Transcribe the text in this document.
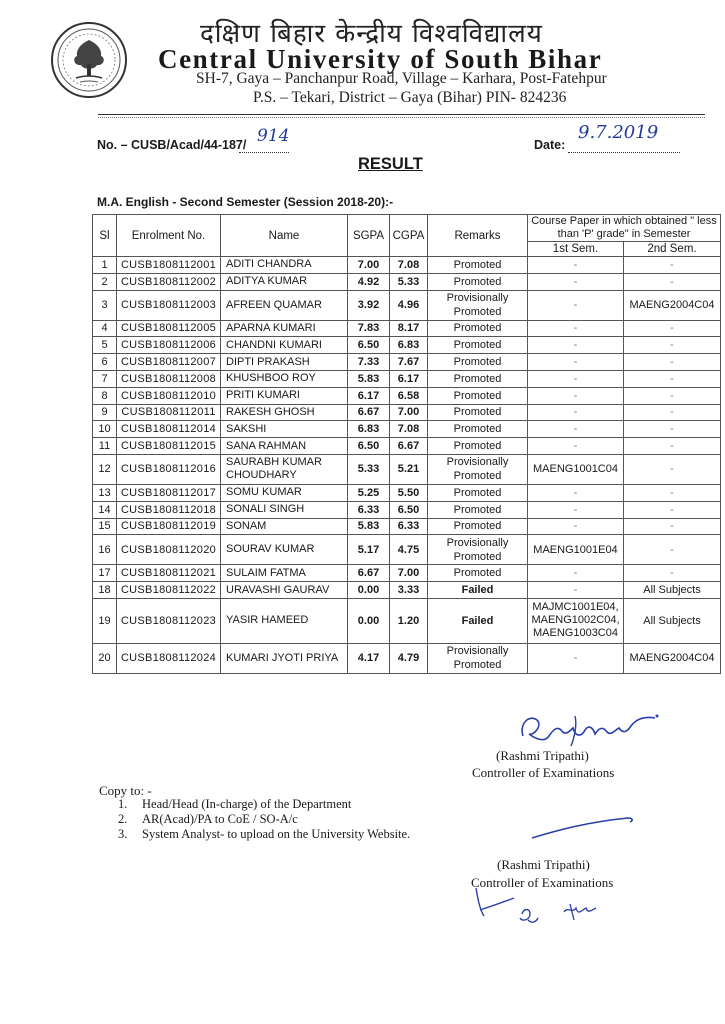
दक्षिण बिहार केन्द्रीय विश्वविद्यालय
Central University of South Bihar
SH-7, Gaya – Panchanpur Road, Village – Karhara, Post-Fatehpur
P.S. – Tekari, District – Gaya (Bihar) PIN- 824236
No. – CUSB/Acad/44-187/ 914	Date:
9.7.2019
RESULT
M.A. English - Second Semester (Session 2018-20):-
Sl	Enrolment No.	Name	SGPA	CGPA	Remarks	Course Paper in which obtained " less than 'P' grade" in Semester	
						1st Sem.	2nd Sem.
1	CUSB1808112001	ADITI CHANDRA	7.00	7.08	Promoted	-	-
2	CUSB1808112002	ADITYA KUMAR	4.92	5.33	Promoted	-	-
3	CUSB1808112003	AFREEN QUAMAR	3.92	4.96	Provisionally Promoted	-	MAENG2004C04
4	CUSB1808112005	APARNA KUMARI	7.83	8.17	Promoted	-	-
5	CUSB1808112006	CHANDNI KUMARI	6.50	6.83	Promoted	-	-
6	CUSB1808112007	DIPTI PRAKASH	7.33	7.67	Promoted	-	-
7	CUSB1808112008	KHUSHBOO ROY	5.83	6.17	Promoted	-	-
8	CUSB1808112010	PRITI KUMARI	6.17	6.58	Promoted	-	-
9	CUSB1808112011	RAKESH GHOSH	6.67	7.00	Promoted	-	-
10	CUSB1808112014	SAKSHI	6.83	7.08	Promoted	-	-
11	CUSB1808112015	SANA RAHMAN	6.50	6.67	Promoted	-	-
12	CUSB1808112016	SAURABH KUMAR CHOUDHARY	5.33	5.21	Provisionally Promoted	MAENG1001C04	-
13	CUSB1808112017	SOMU KUMAR	5.25	5.50	Promoted	-	-
14	CUSB1808112018	SONALI SINGH	6.33	6.50	Promoted	-	-
15	CUSB1808112019	SONAM	5.83	6.33	Promoted	-	-
16	CUSB1808112020	SOURAV KUMAR	5.17	4.75	Provisionally Promoted	MAENG1001E04	-
17	CUSB1808112021	SULAIM FATMA	6.67	7.00	Promoted	-	-
18	CUSB1808112022	URAVASHI GAURAV	0.00	3.33	Failed	-	All Subjects
19	CUSB1808112023	YASIR HAMEED	0.00	1.20	Failed	MAJMC1001E04, MAENG1002C04, MAENG1003C04	All Subjects
20	CUSB1808112024	KUMARI JYOTI PRIYA	4.17	4.79	Provisionally Promoted	-	MAENG2004C04
(Rashmi Tripathi)
Controller of Examinations
Copy to: -
1. Head/Head (In-charge) of the Department
2. AR(Acad)/PA to CoE / SO-A/c
3. System Analyst- to upload on the University Website.
(Rashmi Tripathi)
Controller of Examinations
